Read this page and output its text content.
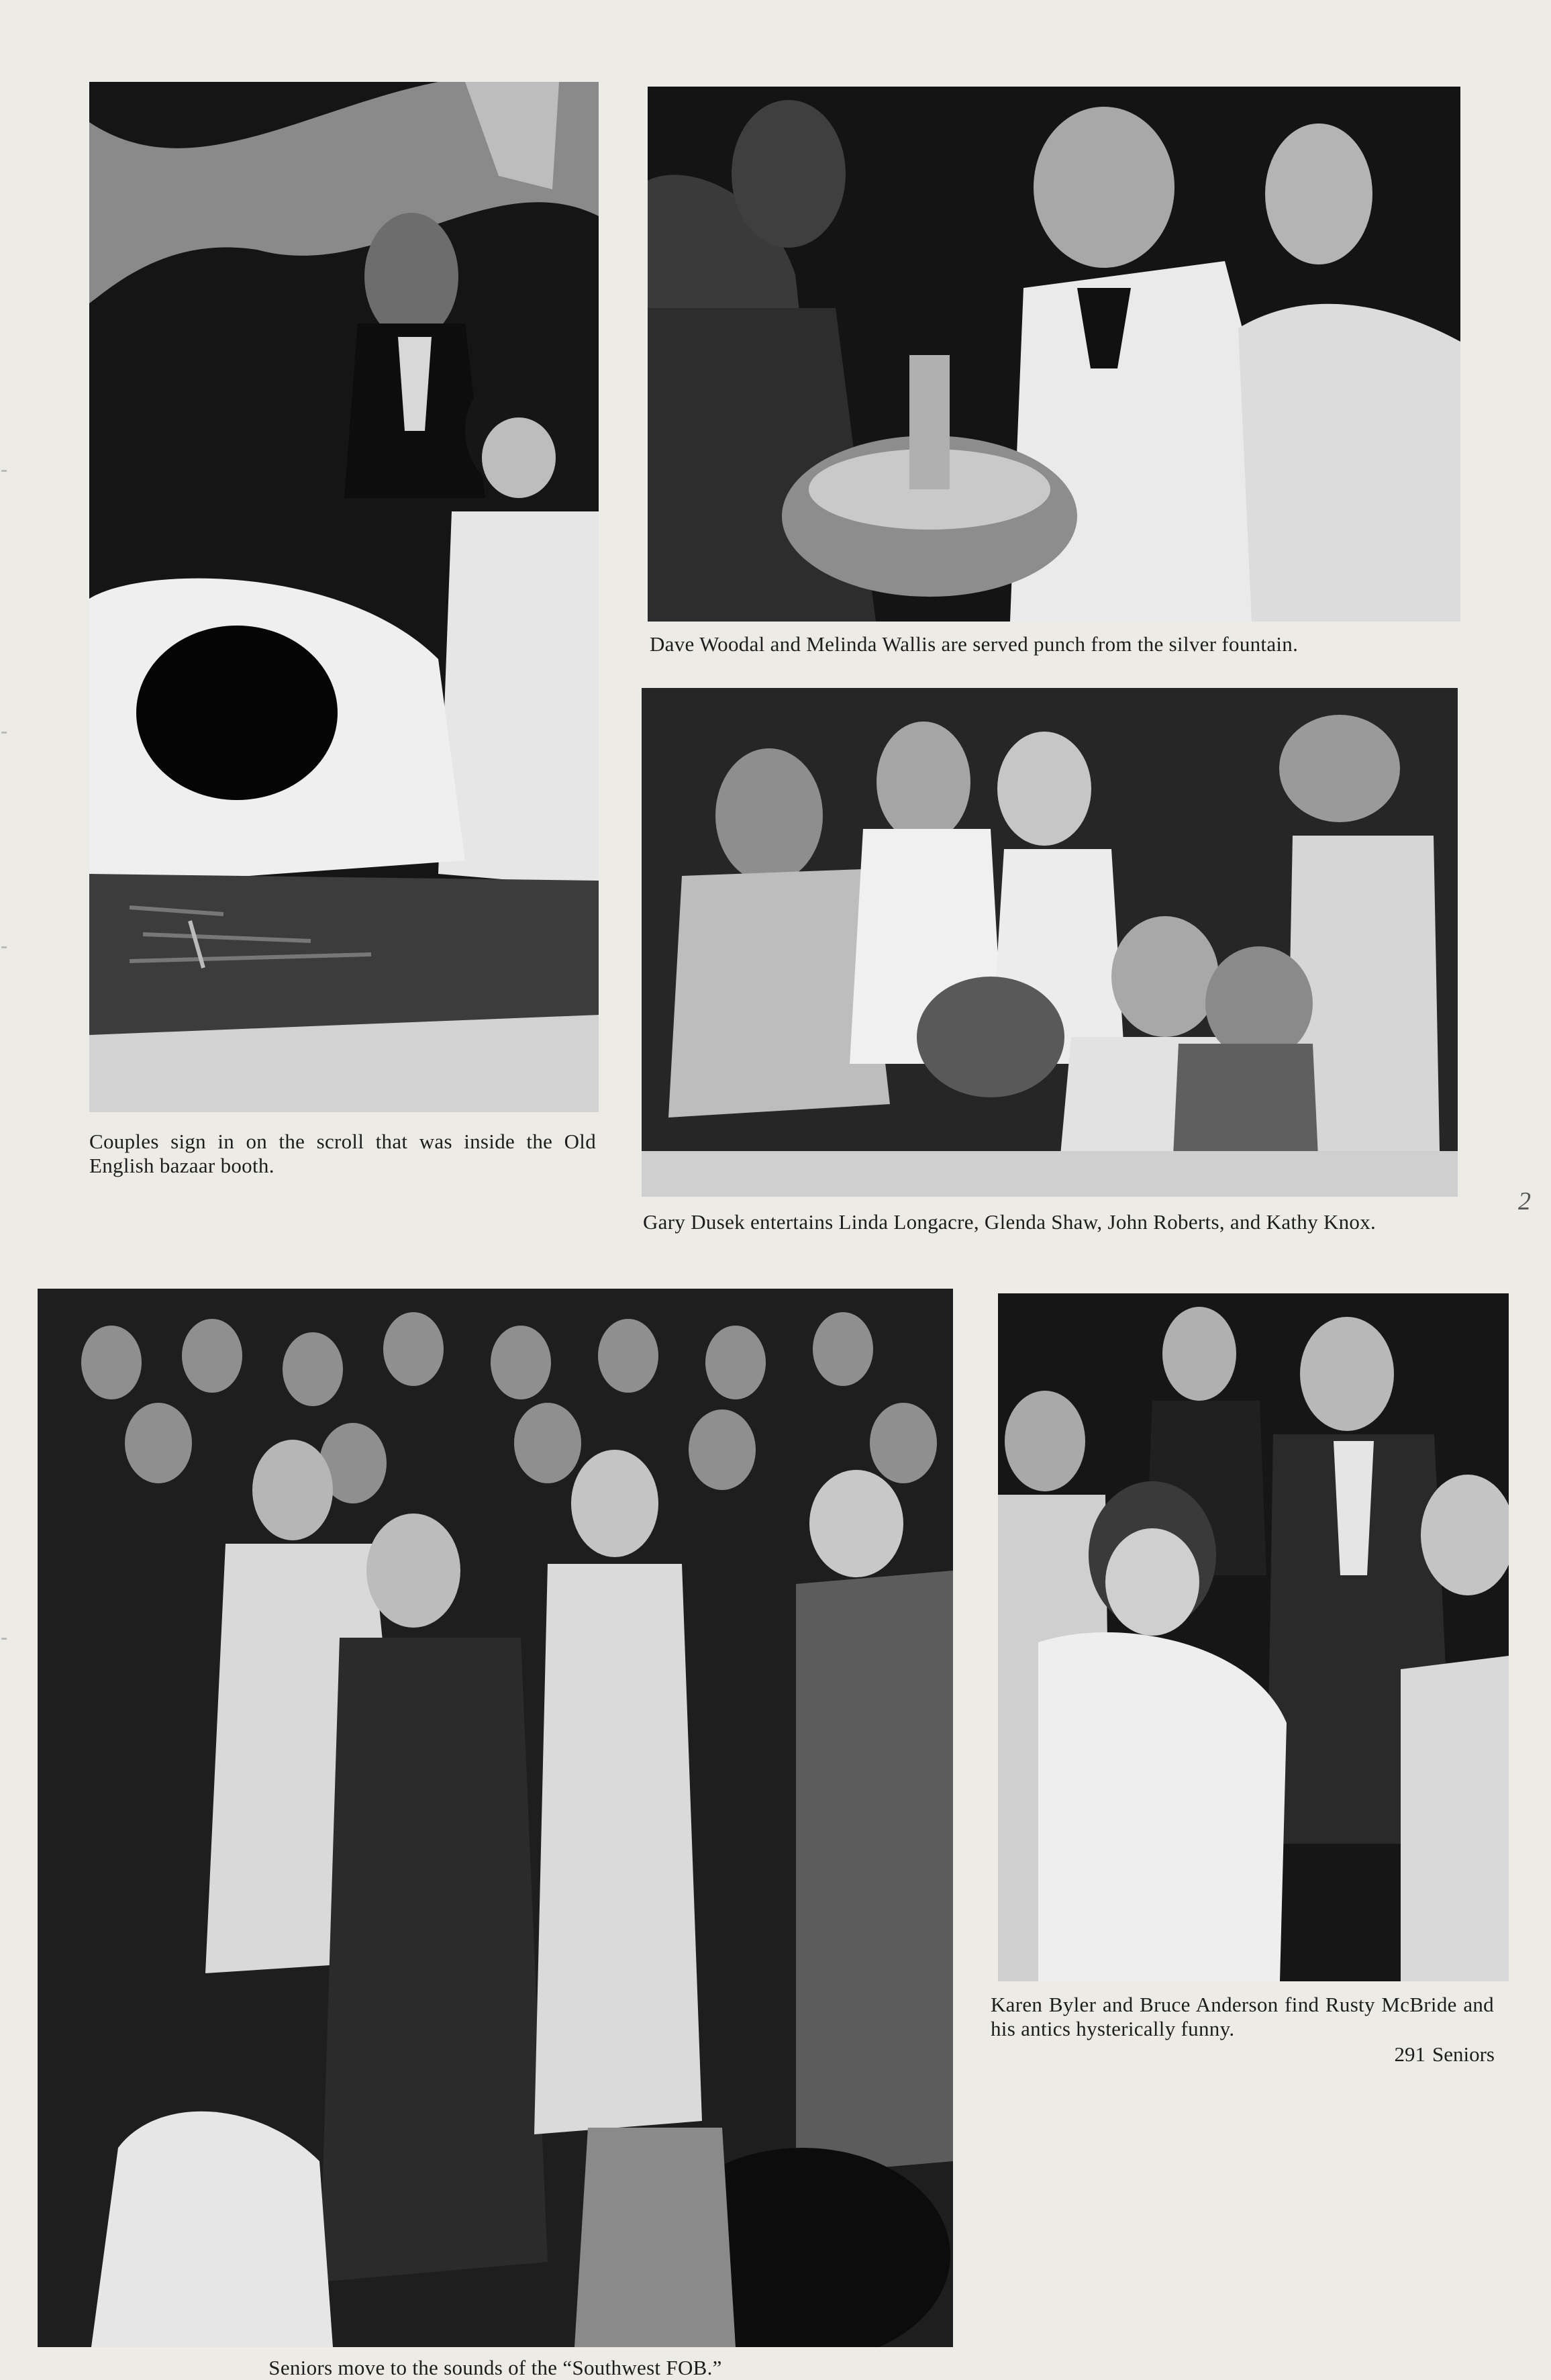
Dave Woodal and Melinda Wallis are served punch from the silver fountain.
Gary Dusek entertains Linda Longacre, Glenda Shaw, John Roberts, and Kathy Knox.
Seniors move to the sounds of the “Southwest FOB.”
Karen Byler and Bruce Anderson find Rusty McBride and his antics hysterically funny.
Couples sign in on the scroll that was inside the Old English bazaar booth.
2
291 Seniors
